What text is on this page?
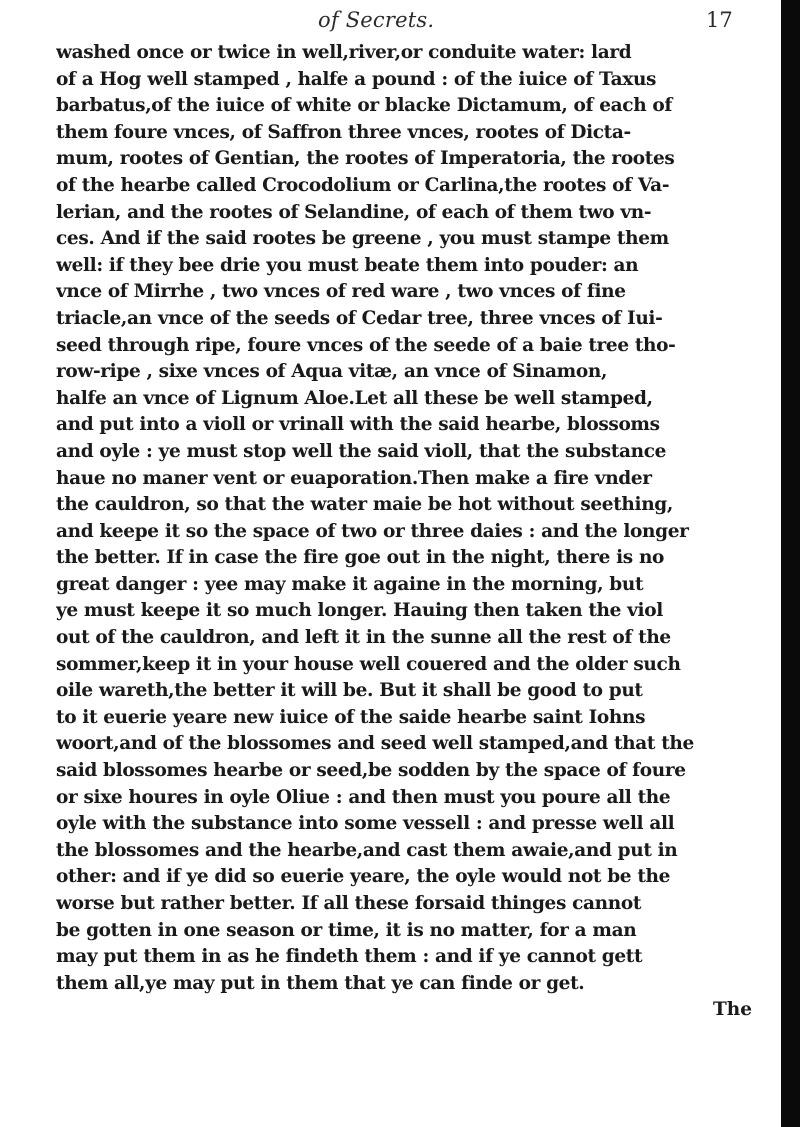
of Secrets.	17
washed once or twice in well,river,or conduite water: lard
of a Hog well stamped , halfe a pound : of the iuice of Taxus
barbatus,of the iuice of white or blacke Dictamum, of each of
them foure vnces, of Saffron three vnces, rootes of Dicta-
mum, rootes of Gentian, the rootes of Imperatoria, the rootes
of the hearbe called Crocodolium or Carlina,the rootes of Va-
lerian, and the rootes of Selandine, of each of them two vn-
ces. And if the said rootes be greene , you must stampe them
well: if they bee drie you must beate them into pouder: an
vnce of Mirrhe , two vnces of red ware , two vnces of fine
triacle,an vnce of the seeds of Cedar tree, three vnces of Iui-
seed through ripe, foure vnces of the seede of a baie tree tho-
row-ripe , sixe vnces of Aqua vitæ, an vnce of Sinamon,
halfe an vnce of Lignum Aloe.Let all these be well stamped,
and put into a violl or vrinall with the said hearbe, blossoms
and oyle : ye must stop well the said violl, that the substance
haue no maner vent or euaporation.Then make a fire vnder
the cauldron, so that the water maie be hot without seething,
and keepe it so the space of two or three daies : and the longer
the better. If in case the fire goe out in the night, there is no
great danger : yee may make it againe in the morning, but
ye must keepe it so much longer. Hauing then taken the viol
out of the cauldron, and left it in the sunne all the rest of the
sommer,keep it in your house well couered and the older such
oile wareth,the better it will be. But it shall be good to put
to it euerie yeare new iuice of the saide hearbe saint Iohns
woort,and of the blossomes and seed well stamped,and that the
said blossomes hearbe or seed,be sodden by the space of foure
or sixe houres in oyle Oliue : and then must you poure all the
oyle with the substance into some vessell : and presse well all
the blossomes and the hearbe,and cast them awaie,and put in
other: and if ye did so euerie yeare, the oyle would not be the
worse but rather better. If all these forsaid thinges cannot
be gotten in one season or time, it is no matter, for a man
may put them in as he findeth them : and if ye cannot gett
them all,ye may put in them that ye can finde or get.
The
